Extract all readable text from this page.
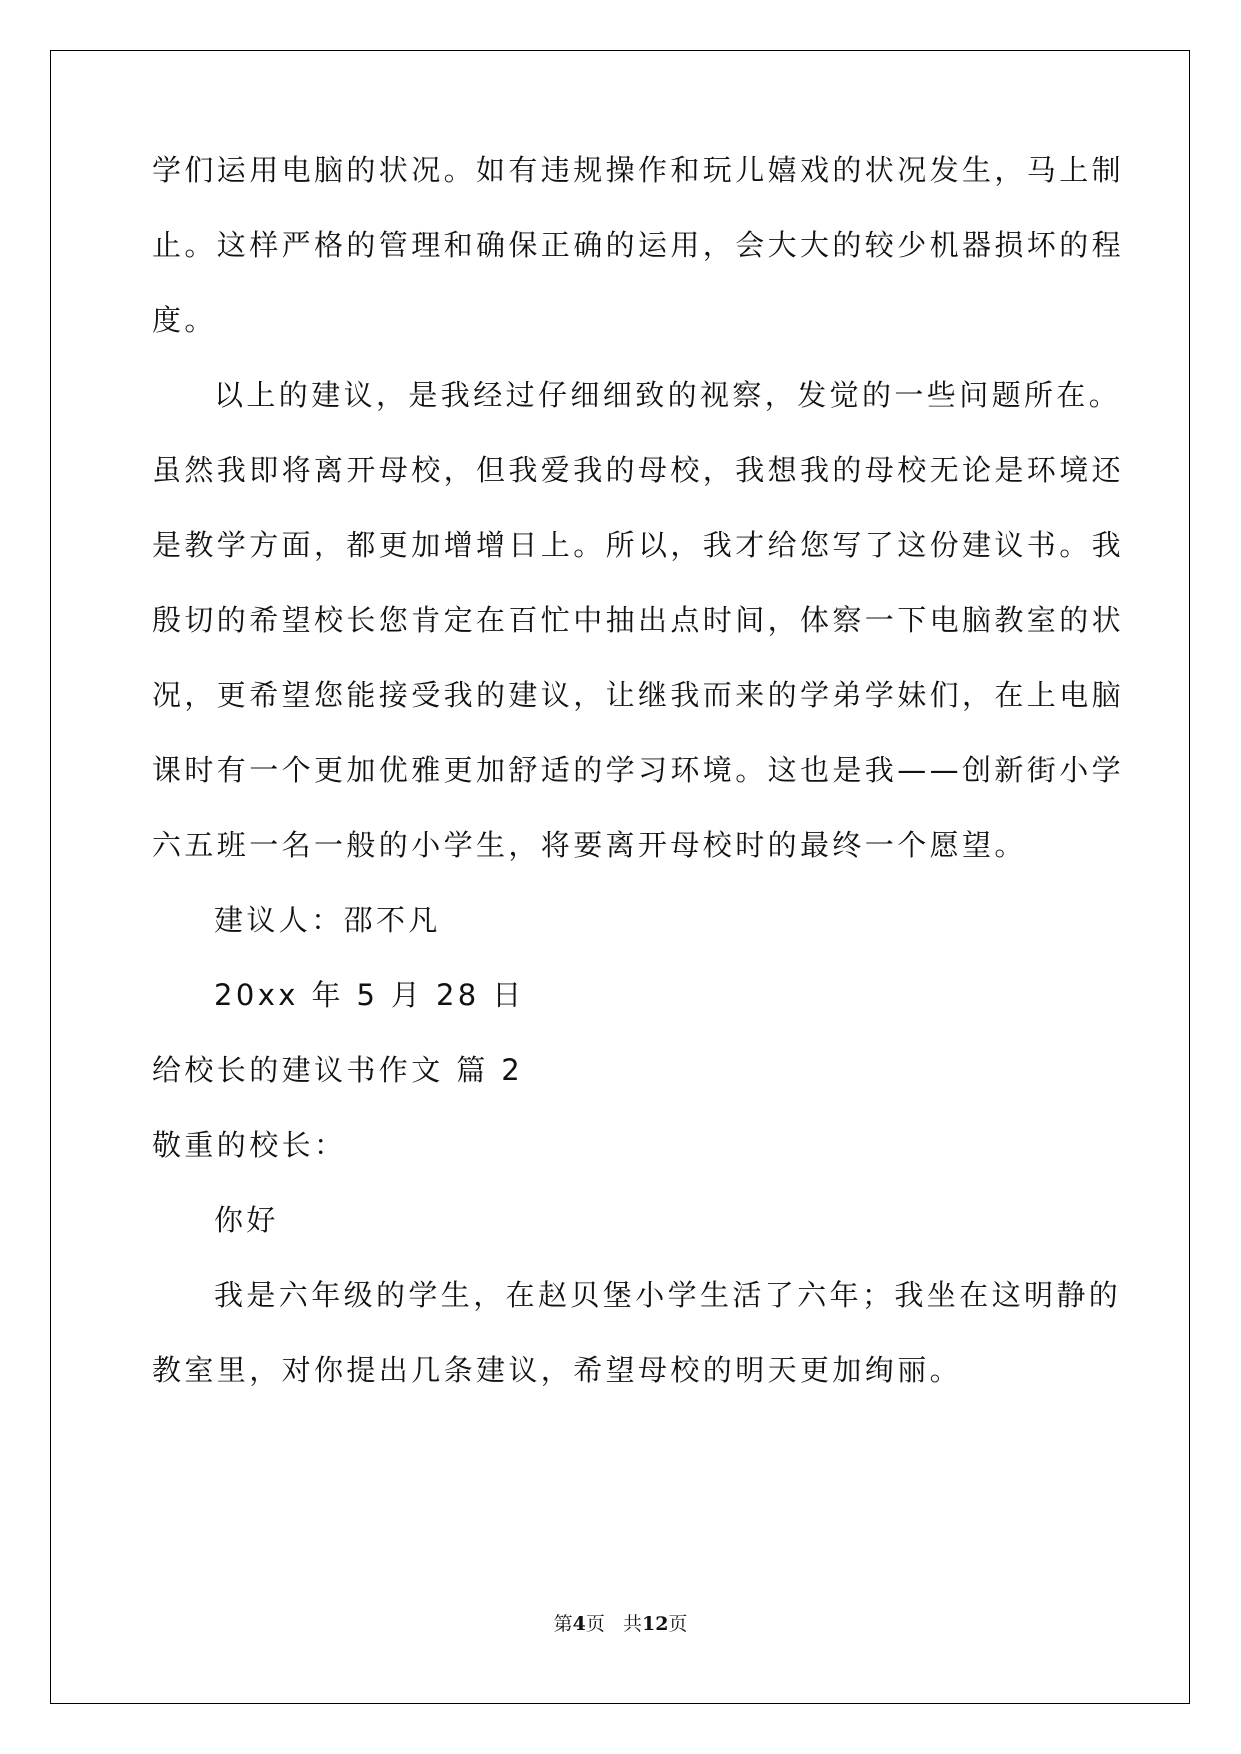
学们运用电脑的状况。如有违规操作和玩儿嬉戏的状况发生，马上制

止。这样严格的管理和确保正确的运用，会大大的较少机器损坏的程

度。

以上的建议，是我经过仔细细致的视察，发觉的一些问题所在。

虽然我即将离开母校，但我爱我的母校，我想我的母校无论是环境还

是教学方面，都更加增增日上。所以，我才给您写了这份建议书。我

殷切的希望校长您肯定在百忙中抽出点时间，体察一下电脑教室的状

况，更希望您能接受我的建议，让继我而来的学弟学妹们，在上电脑

课时有一个更加优雅更加舒适的学习环境。这也是我——创新街小学

六五班一名一般的小学生，将要离开母校时的最终一个愿望。

建议人：邵不凡

20xx 年 5 月 28 日

给校长的建议书作文 篇 2

敬重的校长：

你好

我是六年级的学生，在赵贝堡小学生活了六年；我坐在这明静的

教室里，对你提出几条建议，希望母校的明天更加绚丽。

第4页 共12页
